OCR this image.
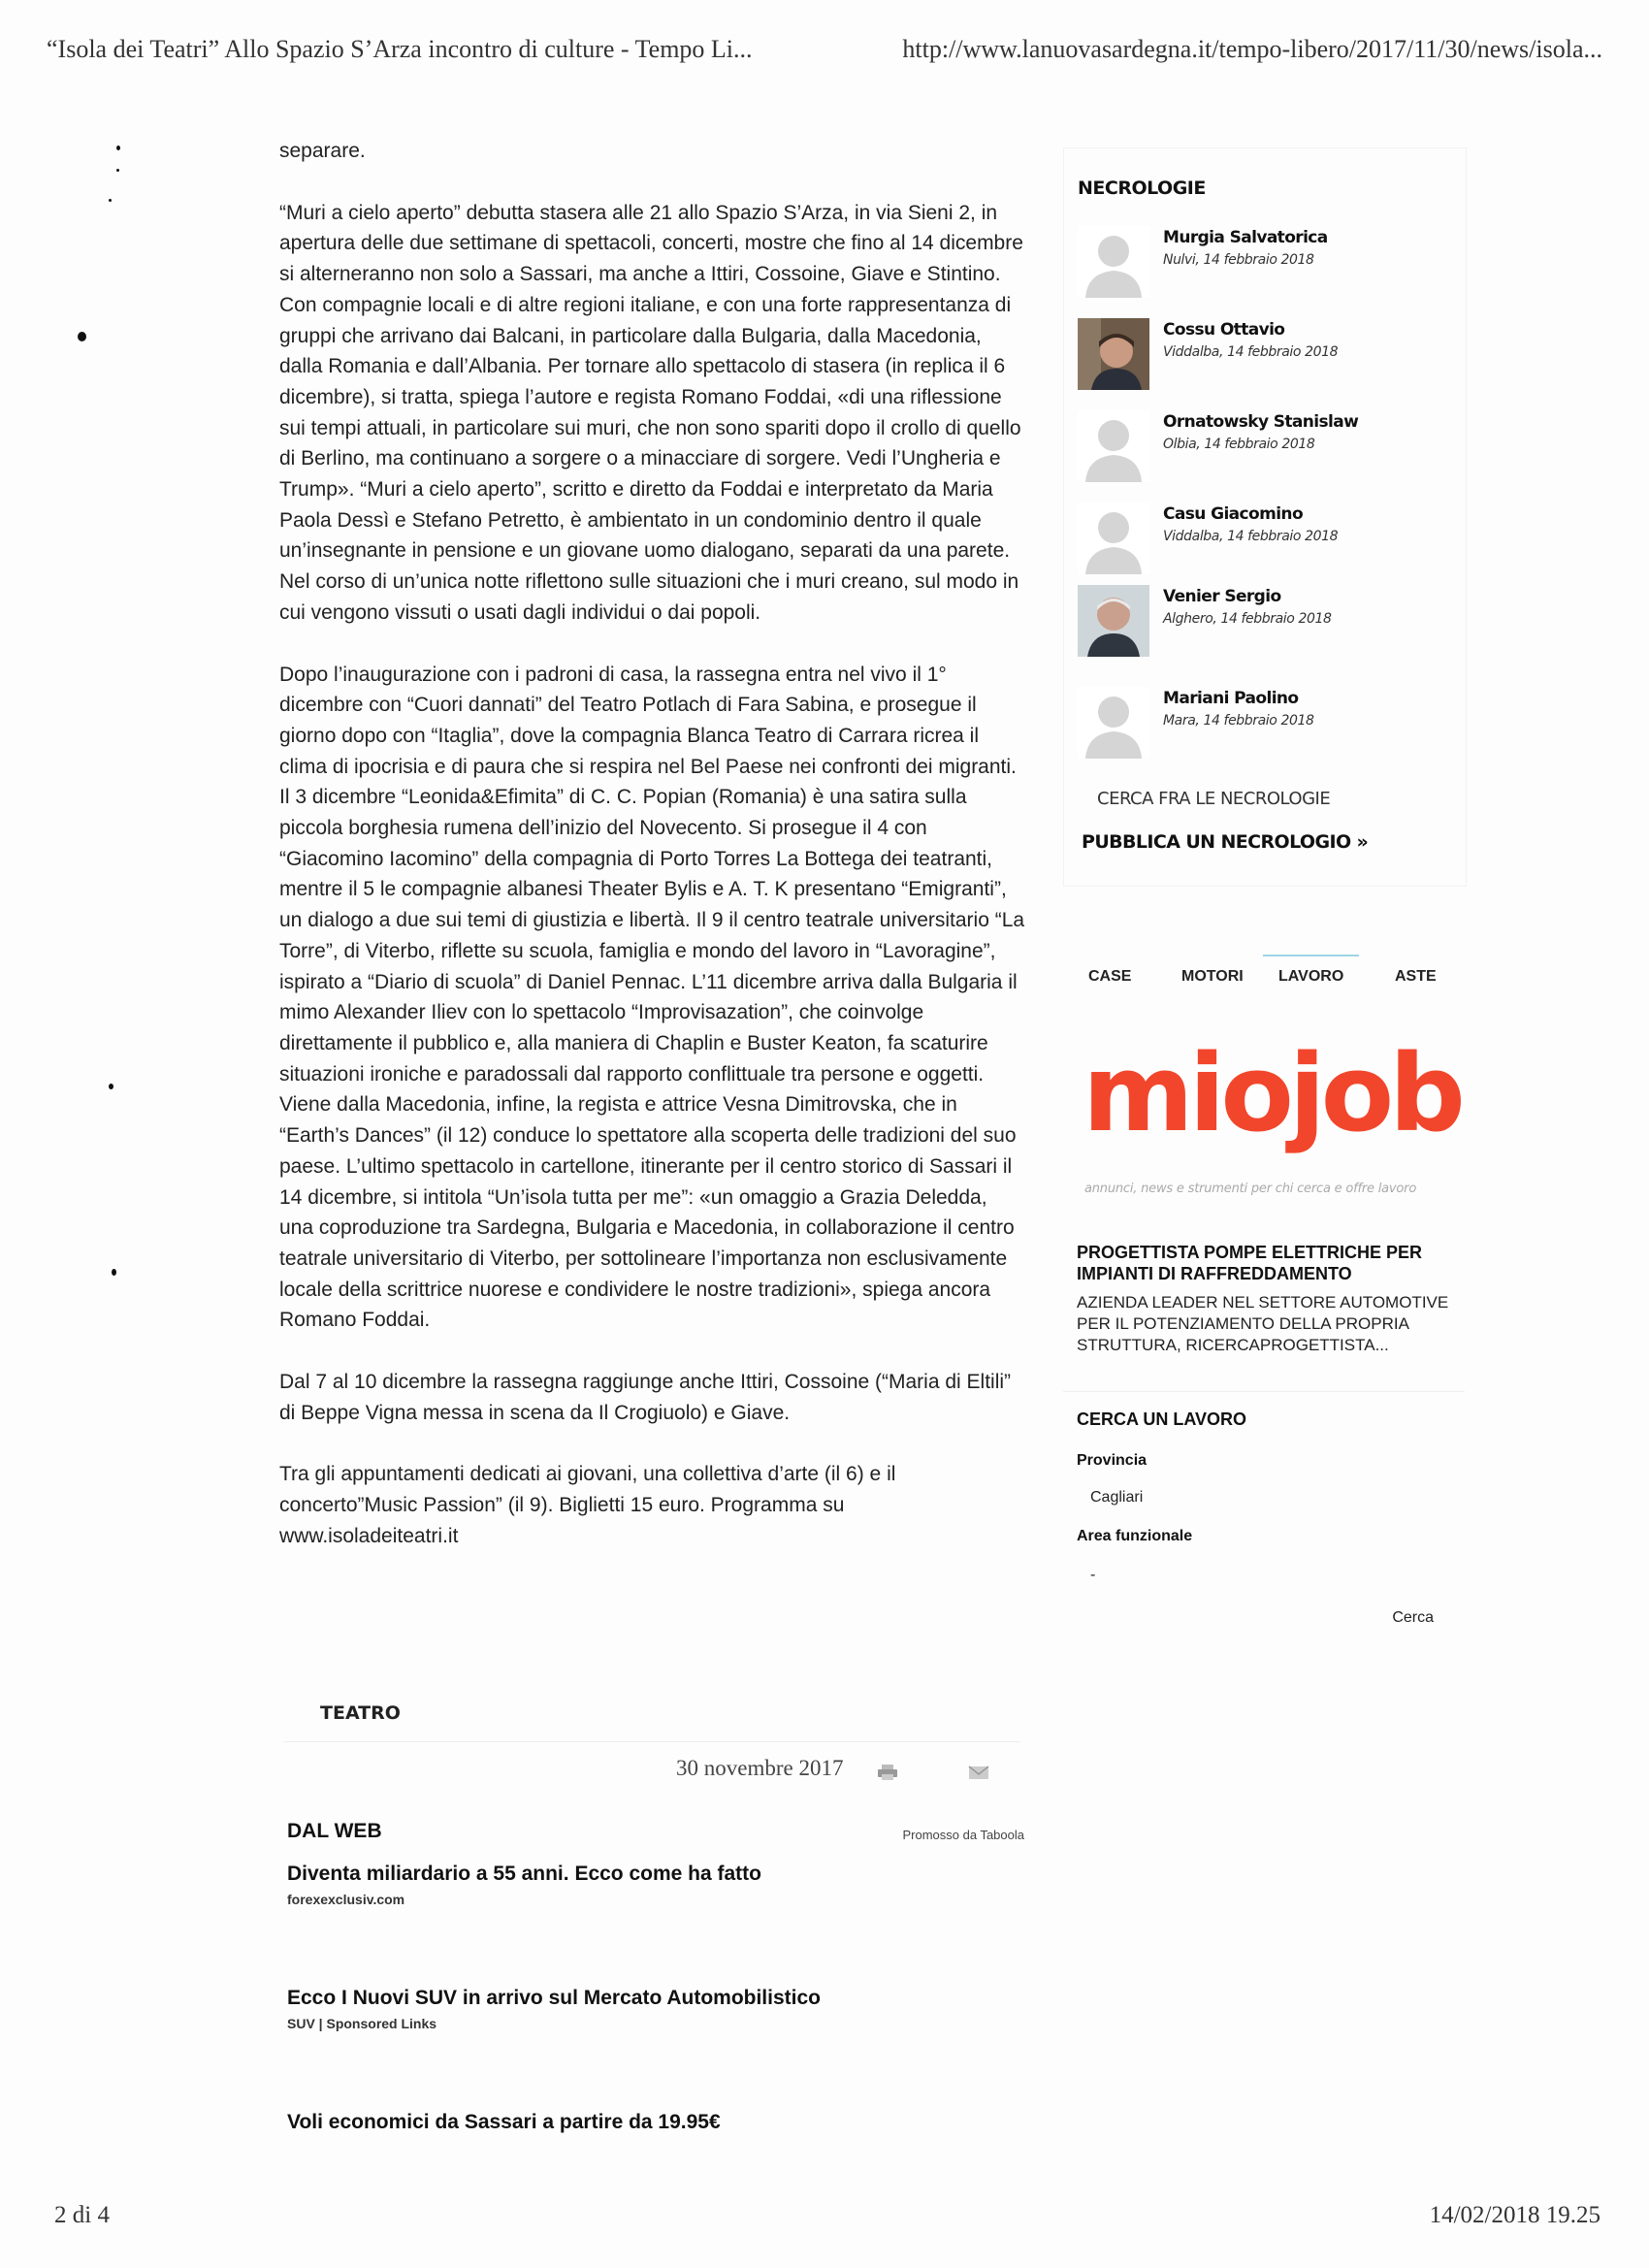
“Isola dei Teatri” Allo Spazio S’Arza incontro di culture - Tempo Li...	http://www.lanuovasardegna.it/tempo-libero/2017/11/30/news/isola...

separare.

“Muri a cielo aperto” debutta stasera alle 21 allo Spazio S’Arza, in via Sieni 2, in apertura delle due settimane di spettacoli, concerti, mostre che fino al 14 dicembre si alterneranno non solo a Sassari, ma anche a Ittiri, Cossoine, Giave e Stintino. Con compagnie locali e di altre regioni italiane, e con una forte rappresentanza di gruppi che arrivano dai Balcani, in particolare dalla Bulgaria, dalla Macedonia, dalla Romania e dall’Albania. Per tornare allo spettacolo di stasera (in replica il 6 dicembre), si tratta, spiega l’autore e regista Romano Foddai, «di una riflessione sui tempi attuali, in particolare sui muri, che non sono spariti dopo il crollo di quello di Berlino, ma continuano a sorgere o a minacciare di sorgere. Vedi l’Ungheria e Trump». “Muri a cielo aperto”, scritto e diretto da Foddai e interpretato da Maria Paola Dessì e Stefano Petretto, è ambientato in un condominio dentro il quale un’insegnante in pensione e un giovane uomo dialogano, separati da una parete. Nel corso di un’unica notte riflettono sulle situazioni che i muri creano, sul modo in cui vengono vissuti o usati dagli individui o dai popoli.

Dopo l’inaugurazione con i padroni di casa, la rassegna entra nel vivo il 1° dicembre con “Cuori dannati” del Teatro Potlach di Fara Sabina, e prosegue il giorno dopo con “Itaglia”, dove la compagnia Blanca Teatro di Carrara ricrea il clima di ipocrisia e di paura che si respira nel Bel Paese nei confronti dei migranti. Il 3 dicembre “Leonida&Efimita” di C. C. Popian (Romania) è una satira sulla piccola borghesia rumena dell’inizio del Novecento. Si prosegue il 4 con “Giacomino Iacomino” della compagnia di Porto Torres La Bottega dei teatranti, mentre il 5 le compagnie albanesi Theater Bylis e A. T. K presentano “Emigranti”, un dialogo a due sui temi di giustizia e libertà. Il 9 il centro teatrale universitario “La Torre”, di Viterbo, riflette su scuola, famiglia e mondo del lavoro in “Lavoragine”, ispirato a “Diario di scuola” di Daniel Pennac. L’11 dicembre arriva dalla Bulgaria il mimo Alexander Iliev con lo spettacolo “Improvisazation”, che coinvolge direttamente il pubblico e, alla maniera di Chaplin e Buster Keaton, fa scaturire situazioni ironiche e paradossali dal rapporto conflittuale tra persone e oggetti. Viene dalla Macedonia, infine, la regista e attrice Vesna Dimitrovska, che in “Earth’s Dances” (il 12) conduce lo spettatore alla scoperta delle tradizioni del suo paese. L’ultimo spettacolo in cartellone, itinerante per il centro storico di Sassari il 14 dicembre, si intitola “Un’isola tutta per me”: «un omaggio a Grazia Deledda, una coproduzione tra Sardegna, Bulgaria e Macedonia, in collaborazione il centro teatrale universitario di Viterbo, per sottolineare l’importanza non esclusivamente locale della scrittrice nuorese e condividere le nostre tradizioni», spiega ancora Romano Foddai.

Dal 7 al 10 dicembre la rassegna raggiunge anche Ittiri, Cossoine (“Maria di Eltili” di Beppe Vigna messa in scena da Il Crogiuolo) e Giave.

Tra gli appuntamenti dedicati ai giovani, una collettiva d’arte (il 6) e il concerto”Music Passion” (il 9). Biglietti 15 euro. Programma su www.isoladeiteatri.it

TEATRO
30 novembre 2017
DAL WEB	Promosso da Taboola
Diventa miliardario a 55 anni. Ecco come ha fatto
forexexclusiv.com
Ecco I Nuovi SUV in arrivo sul Mercato Automobilistico
SUV | Sponsored Links
Voli economici da Sassari a partire da 19.95€
NECROLOGIE
Murgia Salvatorica
Nulvi, 14 febbraio 2018
Cossu Ottavio
Viddalba, 14 febbraio 2018
Ornatowsky Stanislaw
Olbia, 14 febbraio 2018
Casu Giacomino
Viddalba, 14 febbraio 2018
Venier Sergio
Alghero, 14 febbraio 2018
Mariani Paolino
Mara, 14 febbraio 2018
CERCA FRA LE NECROLOGIE
PUBBLICA UN NECROLOGIO »
CASE	MOTORI	LAVORO	ASTE
miojob
annunci, news e strumenti per chi cerca e offre lavoro
PROGETTISTA POMPE ELETTRICHE PER IMPIANTI DI RAFFREDDAMENTO
AZIENDA LEADER NEL SETTORE AUTOMOTIVE PER IL POTENZIAMENTO DELLA PROPRIA STRUTTURA, RICERCAPROGETTISTA...
CERCA UN LAVORO
Provincia
Cagliari
Area funzionale
-
Cerca
2 di 4	14/02/2018 19.25
